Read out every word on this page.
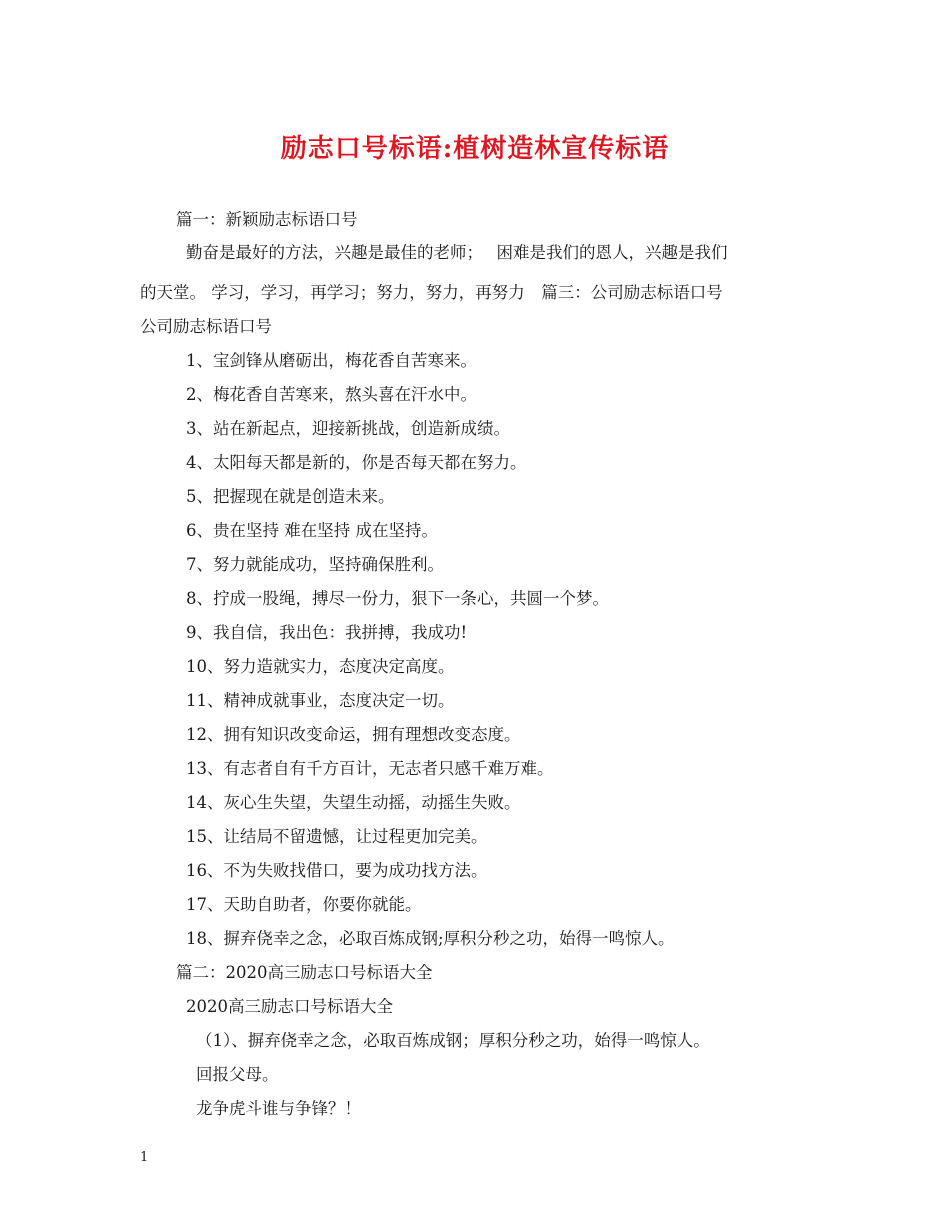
励志口号标语:植树造林宣传标语
篇一：新颖励志标语口号
勤奋是最好的方法，兴趣是最佳的老师；　 困难是我们的恩人，兴趣是我们
的天堂。 学习，学习，再学习；努力，努力，再努力　篇三：公司励志标语口号
公司励志标语口号
1、宝剑锋从磨砺出，梅花香自苦寒来。
2、梅花香自苦寒来，熬头喜在汗水中。
3、站在新起点，迎接新挑战，创造新成绩。
4、太阳每天都是新的，你是否每天都在努力。
5、把握现在就是创造未来。
6、贵在坚持 难在坚持 成在坚持。
7、努力就能成功，坚持确保胜利。
8、拧成一股绳，搏尽一份力，狠下一条心，共圆一个梦。
9、我自信，我出色：我拼搏，我成功!
10、努力造就实力，态度决定高度。
11、精神成就事业，态度决定一切。
12、拥有知识改变命运，拥有理想改变态度。
13、有志者自有千方百计，无志者只感千难万难。
14、灰心生失望，失望生动摇，动摇生失败。
15、让结局不留遗憾，让过程更加完美。
16、不为失败找借口，要为成功找方法。
17、天助自助者，你要你就能。
18、摒弃侥幸之念，必取百炼成钢;厚积分秒之功，始得一鸣惊人。
篇二：2020高三励志口号标语大全
2020高三励志口号标语大全
（1）、摒弃侥幸之念，必取百炼成钢；厚积分秒之功，始得一鸣惊人。
回报父母。
龙争虎斗谁与争锋？！
1
